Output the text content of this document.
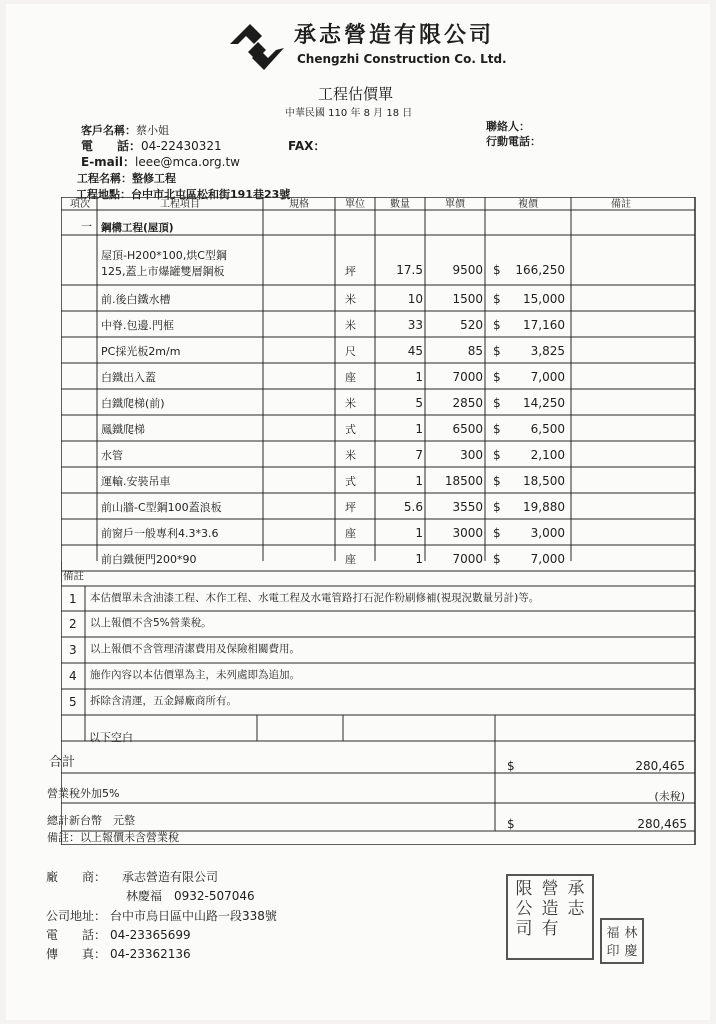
承志營造有限公司
Chengzhi Construction Co. Ltd.
工程估價單
中華民國 110 年 8 月 18 日
客戶名稱：蔡小姐
電　　話：04-22430321	FAX：
E-mail：leee@mca.org.tw
工程名稱：整修工程
工程地點：台中市北屯區松和街191巷23號
聯絡人：
行動電話：
項次	工程項目	規格	單位	數量	單價	複價	備註
一 鋼構工程(屋頂)
屋頂-H200*100,烘C型鋼
125,蓋上市爆罐雙層鋼板	坪	17.5	9500 $	166,250
前.後白鐵水槽	米	10	1500 $	15,000
中脊.包邊.門框	米	33	520 $	17,160
PC採光板2m/m	尺	45	85 $	3,825
白鐵出入蓋	座	1	7000 $	7,000
白鐵爬梯(前)	米	5	2850 $	14,250
鳳鐵爬梯	式	1	6500 $	6,500
水管	米	7	300 $	2,100
運輸.安裝吊車	式	1	18500 $	18,500
前山牆-C型鋼100蓋浪板	坪	5.6	3550 $	19,880
前窗戶一般專利4.3*3.6	座	1	3000 $	3,000
前白鐵便門200*90	座	1	7000 $	7,000
備註
1 本估價單未含油漆工程、木作工程、水電工程及水電管路打石泥作粉刷修補(視現況數量另計)等。
2 以上報價不含5%營業稅。
3 以上報價不含管理清潔費用及保險相關費用。
4 施作內容以本估價單為主，未列處即為追加。
5 拆除含清運，五金歸廠商所有。
以下空白
合計	$	280,465
營業稅外加5%	(未稅)
總計新台幣　元整	$	280,465
備註：以上報價未含營業稅
廠　　商： 承志營造有限公司
林慶福　0932-507046
公司地址： 台中市烏日區中山路一段338號
電　　話： 04-23365699
傳　　真： 04-23362136
承
志

營
造
有
限
公
司	林
慶
福
印
